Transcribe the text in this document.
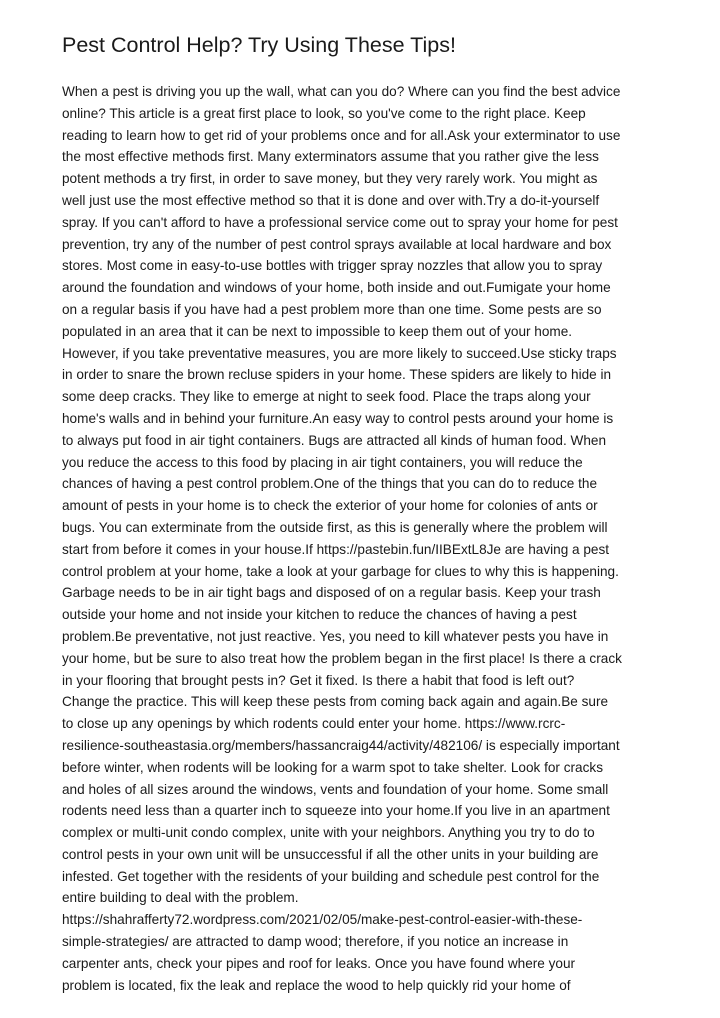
Pest Control Help? Try Using These Tips!
When a pest is driving you up the wall, what can you do? Where can you find the best advice
online? This article is a great first place to look, so you've come to the right place. Keep
reading to learn how to get rid of your problems once and for all.Ask your exterminator to use
the most effective methods first. Many exterminators assume that you rather give the less
potent methods a try first, in order to save money, but they very rarely work. You might as
well just use the most effective method so that it is done and over with.Try a do-it-yourself
spray. If you can't afford to have a professional service come out to spray your home for pest
prevention, try any of the number of pest control sprays available at local hardware and box
stores. Most come in easy-to-use bottles with trigger spray nozzles that allow you to spray
around the foundation and windows of your home, both inside and out.Fumigate your home
on a regular basis if you have had a pest problem more than one time. Some pests are so
populated in an area that it can be next to impossible to keep them out of your home.
However, if you take preventative measures, you are more likely to succeed.Use sticky traps
in order to snare the brown recluse spiders in your home. These spiders are likely to hide in
some deep cracks. They like to emerge at night to seek food. Place the traps along your
home's walls and in behind your furniture.An easy way to control pests around your home is
to always put food in air tight containers. Bugs are attracted all kinds of human food. When
you reduce the access to this food by placing in air tight containers, you will reduce the
chances of having a pest control problem.One of the things that you can do to reduce the
amount of pests in your home is to check the exterior of your home for colonies of ants or
bugs. You can exterminate from the outside first, as this is generally where the problem will
start from before it comes in your house.If https://pastebin.fun/IIBExtL8Je are having a pest
control problem at your home, take a look at your garbage for clues to why this is happening.
Garbage needs to be in air tight bags and disposed of on a regular basis. Keep your trash
outside your home and not inside your kitchen to reduce the chances of having a pest
problem.Be preventative, not just reactive. Yes, you need to kill whatever pests you have in
your home, but be sure to also treat how the problem began in the first place! Is there a crack
in your flooring that brought pests in? Get it fixed. Is there a habit that food is left out?
Change the practice. This will keep these pests from coming back again and again.Be sure
to close up any openings by which rodents could enter your home. https://www.rcrc-
resilience-southeastasia.org/members/hassancraig44/activity/482106/ is especially important
before winter, when rodents will be looking for a warm spot to take shelter. Look for cracks
and holes of all sizes around the windows, vents and foundation of your home. Some small
rodents need less than a quarter inch to squeeze into your home.If you live in an apartment
complex or multi-unit condo complex, unite with your neighbors. Anything you try to do to
control pests in your own unit will be unsuccessful if all the other units in your building are
infested. Get together with the residents of your building and schedule pest control for the
entire building to deal with the problem.
https://shahrafferty72.wordpress.com/2021/02/05/make-pest-control-easier-with-these-
simple-strategies/ are attracted to damp wood; therefore, if you notice an increase in
carpenter ants, check your pipes and roof for leaks. Once you have found where your
problem is located, fix the leak and replace the wood to help quickly rid your home of
